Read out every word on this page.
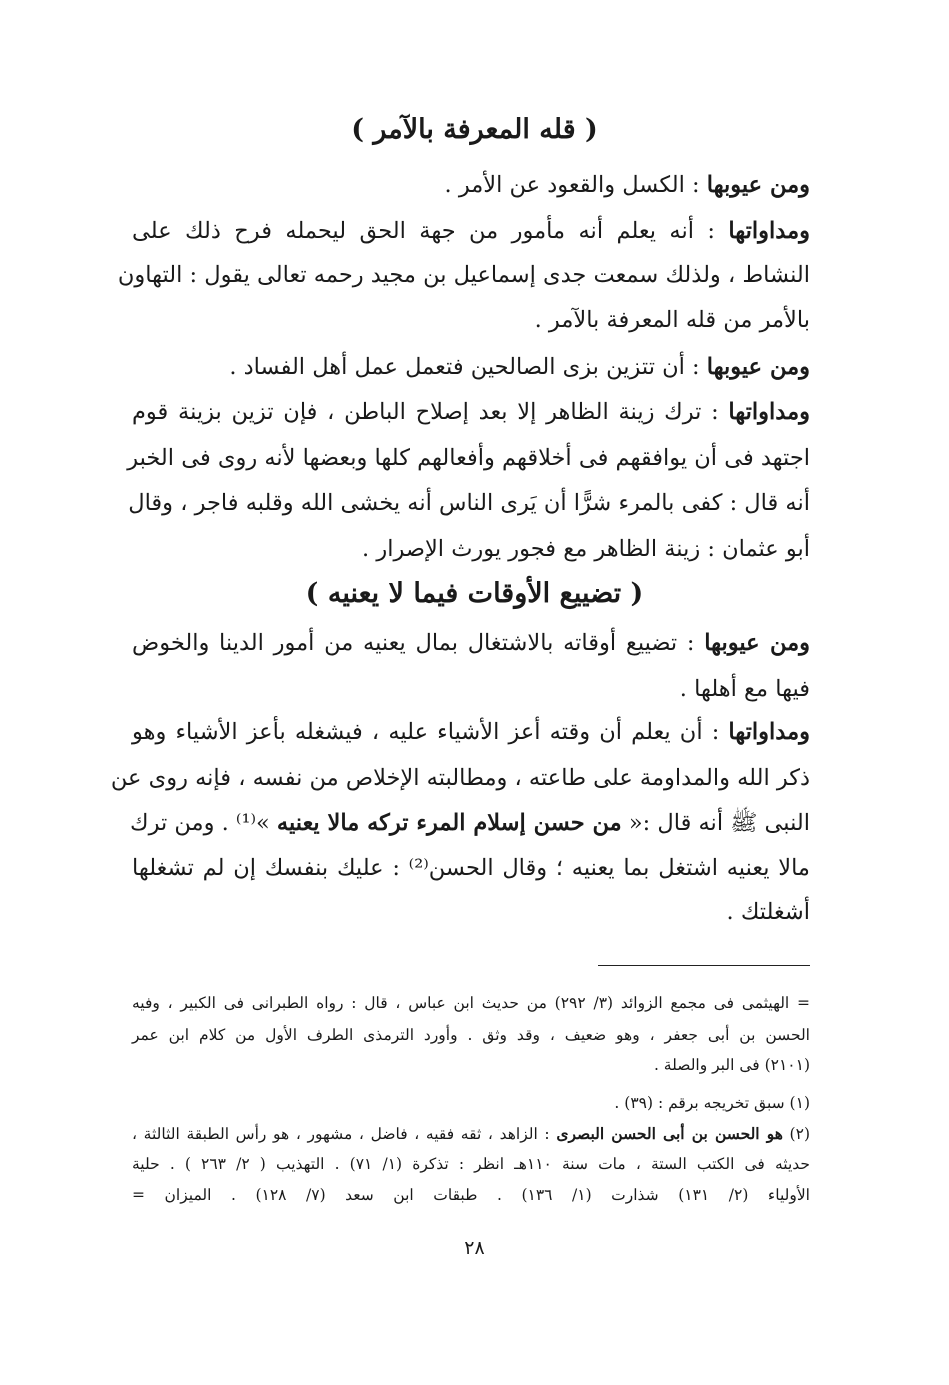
( قله المعرفة بالآمر )
ومن عيوبها : الكسل والقعود عن الأمر .
ومداواتها : أنه يعلم أنه مأمور من جهة الحق ليحمله فرح ذلك على
النشاط ، ولذلك سمعت جدى إسماعيل بن مجيد رحمه تعالى يقول : التهاون
بالأمر من قله المعرفة بالآمر .
ومن عيوبها : أن تتزين بزى الصالحين فتعمل عمل أهل الفساد .
ومداواتها : ترك زينة الظاهر إلا بعد إصلاح الباطن ، فإن تزين بزينة قوم
اجتهد فى أن يوافقهم فى أخلاقهم وأفعالهم كلها وبعضها لأنه روى فى الخبر
أنه قال : كفى بالمرء شرًّا أن يَرى الناس أنه يخشى الله وقلبه فاجر ، وقال
أبو عثمان : زينة الظاهر مع فجور يورث الإصرار .
( تضييع الأوقات فيما لا يعنيه )
ومن عيوبها : تضييع أوقاته بالاشتغال بمال يعنيه من أمور الدينا والخوض
فيها مع أهلها .
ومداواتها : أن يعلم أن وقته أعز الأشياء عليه ، فيشغله بأعز الأشياء وهو
ذكر الله والمداومة على طاعته ، ومطالبته الإخلاص من نفسه ، فإنه روى عن
النبى ﷺ أنه قال :« من حسن إسلام المرء تركه مالا يعنيه »⁽¹⁾ . ومن ترك
مالا يعنيه اشتغل بما يعنيه ؛ وقال الحسن⁽²⁾ : عليك بنفسك إن لم تشغلها
أشغلتك .
= الهيثمى فى مجمع الزوائد (٣/ ٢٩٢) من حديث ابن عباس ، قال : رواه الطبرانى فى الكبير ، وفيه
الحسن بن أبى جعفر ، وهو ضعيف ، وقد وثق . وأورد الترمذى الطرف الأول من كلام ابن عمر
(٢١٠١) فى البر والصلة .
(١) سبق تخريجه برقم : (٣٩) .
(٢) هو الحسن بن أبى الحسن البصرى : الزاهد ، ثقه فقيه ، فاضل ، مشهور ، هو رأس الطبقة الثالثة ،
حديثه فى الكتب الستة ، مات سنة ١١٠هـ انظر : تذكرة (١/ ٧١) . التهذيب ( ٢/ ٢٦٣ ) . حلية
الأولياء (٢/ ١٣١) شذارت (١/ ١٣٦) . طبقات ابن سعد (٧/ ١٢٨) . الميزان =
٢٨
